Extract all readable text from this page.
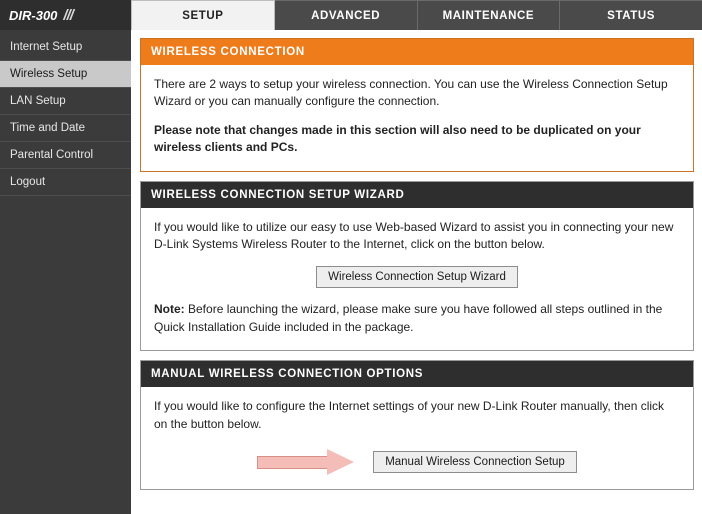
DIR-300 ///	SETUP	ADVANCED	MAINTENANCE	STATUS
Internet Setup
Wireless Setup
LAN Setup
Time and Date
Parental Control
Logout
WIRELESS CONNECTION

There are 2 ways to setup your wireless connection. You can use the Wireless Connection Setup Wizard or you can manually configure the connection.

Please note that changes made in this section will also need to be duplicated on your wireless clients and PCs.

WIRELESS CONNECTION SETUP WIZARD

If you would like to utilize our easy to use Web-based Wizard to assist you in connecting your new D-Link Systems Wireless Router to the Internet, click on the button below.

Wireless Connection Setup Wizard

Note: Before launching the wizard, please make sure you have followed all steps outlined in the Quick Installation Guide included in the package.

MANUAL WIRELESS CONNECTION OPTIONS

If you would like to configure the Internet settings of your new D-Link Router manually, then click on the button below.

Manual Wireless Connection Setup
